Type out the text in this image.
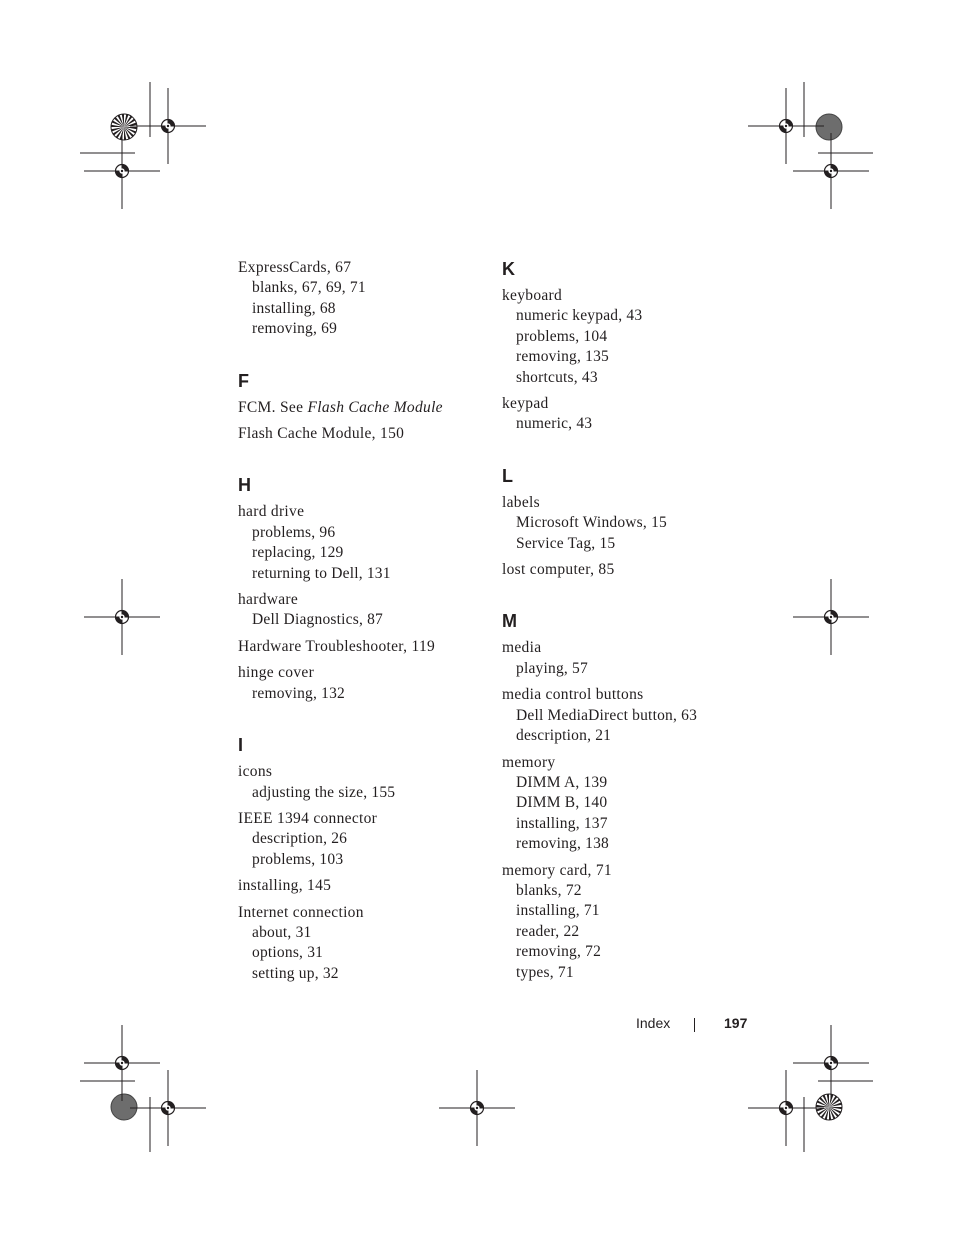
ExpressCards, 67
blanks, 67, 69, 71
installing, 68
removing, 69
F
FCM. See Flash Cache Module
Flash Cache Module, 150
H
hard drive
problems, 96
replacing, 129
returning to Dell, 131
hardware
Dell Diagnostics, 87
Hardware Troubleshooter, 119
hinge cover
removing, 132
I
icons
adjusting the size, 155
IEEE 1394 connector
description, 26
problems, 103
installing, 145
Internet connection
about, 31
options, 31
setting up, 32
K
keyboard
numeric keypad, 43
problems, 104
removing, 135
shortcuts, 43
keypad
numeric, 43
L
labels
Microsoft Windows, 15
Service Tag, 15
lost computer, 85
M
media
playing, 57
media control buttons
Dell MediaDirect button, 63
description, 21
memory
DIMM A, 139
DIMM B, 140
installing, 137
removing, 138
memory card, 71
blanks, 72
installing, 71
reader, 22
removing, 72
types, 71
Index	197
